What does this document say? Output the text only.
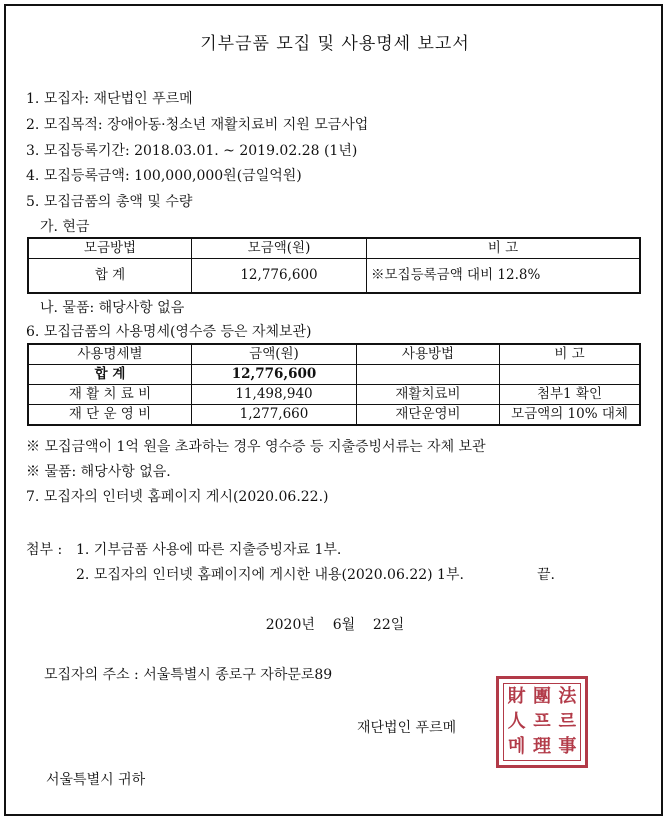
기부금품 모집 및 사용명세 보고서
1. 모집자: 재단법인 푸르메
2. 모집목적: 장애아동·청소년 재활치료비 지원 모금사업
3. 모집등록기간: 2018.03.01. ~ 2019.02.28 (1년)
4. 모집등록금액: 100,000,000원(금일억원)
5. 모집금품의 총액 및 수량
가. 현금
모금방법	모금액(원)	비 고
합 계	12,776,600	※모집등록금액 대비 12.8%
나. 물품: 해당사항 없음
6. 모집금품의 사용명세(영수증 등은 자체보관)
사용명세별	금액(원)	사용방법	비 고
합 계	12,776,600		
재 활 치 료 비	11,498,940	재활치료비	첨부1 확인
재 단 운 영 비	1,277,660	재단운영비	모금액의 10% 대체
※ 모집금액이 1억 원을 초과하는 경우 영수증 등 지출증빙서류는 자체 보관
※ 물품: 해당사항 없음.
7. 모집자의 인터넷 홈페이지 게시(2020.06.22.)
첨부 : 1. 기부금품 사용에 따른 지출증빙자료 1부.
2. 모집자의 인터넷 홈페이지에 게시한 내용(2020.06.22) 1부.	끝.
2020년    6월    22일
모집자의 주소 : 서울특별시 종로구 자하문로89
재단법인 푸르메
財 團 法
人 프 르
메 理 事
서울특별시 귀하
